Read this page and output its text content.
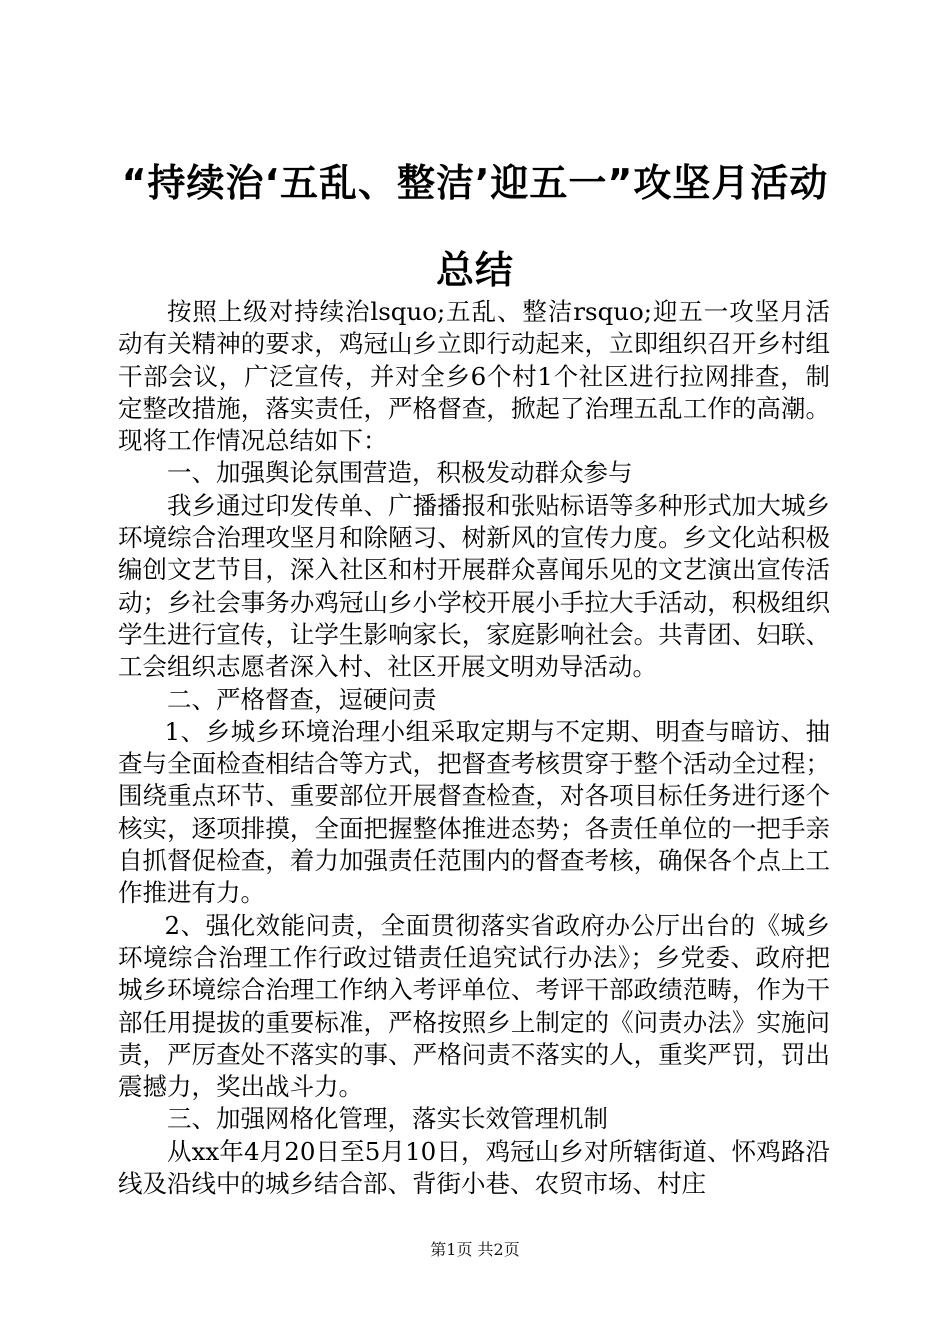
“持续治‘五乱、整洁’迎五一”攻坚月活动
总结

按照上级对持续治lsquo;五乱、整洁rsquo;迎五一攻坚月活动有关精神的要求，鸡冠山乡立即行动起来，立即组织召开乡村组干部会议，广泛宣传，并对全乡6个村1个社区进行拉网排查，制定整改措施，落实责任，严格督查，掀起了治理五乱工作的高潮。现将工作情况总结如下：

一、加强舆论氛围营造，积极发动群众参与

我乡通过印发传单、广播播报和张贴标语等多种形式加大城乡环境综合治理攻坚月和除陋习、树新风的宣传力度。乡文化站积极编创文艺节目，深入社区和村开展群众喜闻乐见的文艺演出宣传活动；乡社会事务办鸡冠山乡小学校开展小手拉大手活动，积极组织学生进行宣传，让学生影响家长，家庭影响社会。共青团、妇联、工会组织志愿者深入村、社区开展文明劝导活动。

二、严格督查，逗硬问责

1、乡城乡环境治理小组采取定期与不定期、明查与暗访、抽查与全面检查相结合等方式，把督查考核贯穿于整个活动全过程；围绕重点环节、重要部位开展督查检查，对各项目标任务进行逐个核实，逐项排摸，全面把握整体推进态势；各责任单位的一把手亲自抓督促检查，着力加强责任范围内的督查考核，确保各个点上工作推进有力。

2、强化效能问责，全面贯彻落实省政府办公厅出台的《城乡环境综合治理工作行政过错责任追究试行办法》；乡党委、政府把城乡环境综合治理工作纳入考评单位、考评干部政绩范畴，作为干部任用提拔的重要标准，严格按照乡上制定的《问责办法》实施问责，严厉查处不落实的事、严格问责不落实的人，重奖严罚，罚出震撼力，奖出战斗力。

三、加强网格化管理，落实长效管理机制

从xx年4月20日至5月10日，鸡冠山乡对所辖街道、怀鸡路沿线及沿线中的城乡结合部、背街小巷、农贸市场、村庄

第1页 共2页
